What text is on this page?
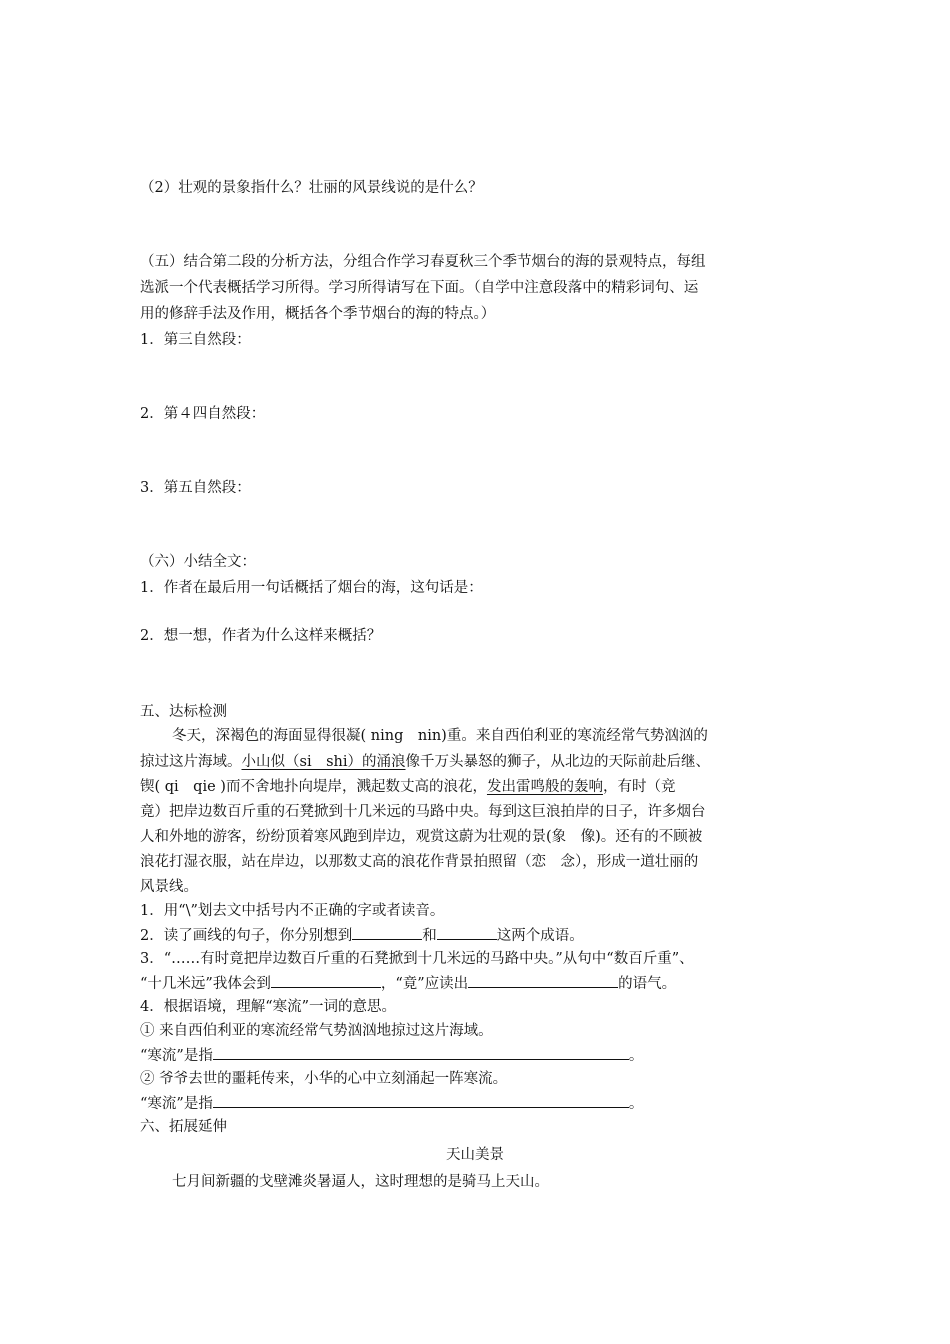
（2）壮观的景象指什么？壮丽的风景线说的是什么？
（五）结合第二段的分析方法，分组合作学习春夏秋三个季节烟台的海的景观特点，每组
选派一个代表概括学习所得。学习所得请写在下面。（自学中注意段落中的精彩词句、运
用的修辞手法及作用，概括各个季节烟台的海的特点。）
1．第三自然段：
2．第４四自然段：
3．第五自然段：
（六）小结全文：
1．作者在最后用一句话概括了烟台的海，这句话是：
2．想一想，作者为什么这样来概括？
五、达标检测
冬天，深褐色的海面显得很凝( ning　nin)重。来自西伯利亚的寒流经常气势汹汹的
掠过这片海域。小山似（si　shi）的涌浪像千万头暴怒的狮子，从北边的天际前赴后继、
锲( qi　qie )而不舍地扑向堤岸，溅起数丈高的浪花，发出雷鸣般的轰响，有时（竞
竟）把岸边数百斤重的石凳掀到十几米远的马路中央。每到这巨浪拍岸的日子，许多烟台
人和外地的游客，纷纷顶着寒风跑到岸边，观赏这蔚为壮观的景(象　像)。还有的不顾被
浪花打湿衣服，站在岸边，以那数丈高的浪花作背景拍照留（恋　念），形成一道壮丽的
风景线。
1．用“\”划去文中括号内不正确的字或者读音。
2．读了画线的句子，你分别想到	和	这两个成语。
3．“……有时竟把岸边数百斤重的石凳掀到十几米远的马路中央。”从句中“数百斤重”、
“十几米远”我体会到	，“竟”应读出	的语气。
4．根据语境，理解“寒流”一词的意思。
① 来自西伯利亚的寒流经常气势汹汹地掠过这片海域。
“寒流”是指	。
② 爷爷去世的噩耗传来，小华的心中立刻涌起一阵寒流。
“寒流”是指	。
六、拓展延伸
天山美景
七月间新疆的戈壁滩炎暑逼人，这时理想的是骑马上天山。
